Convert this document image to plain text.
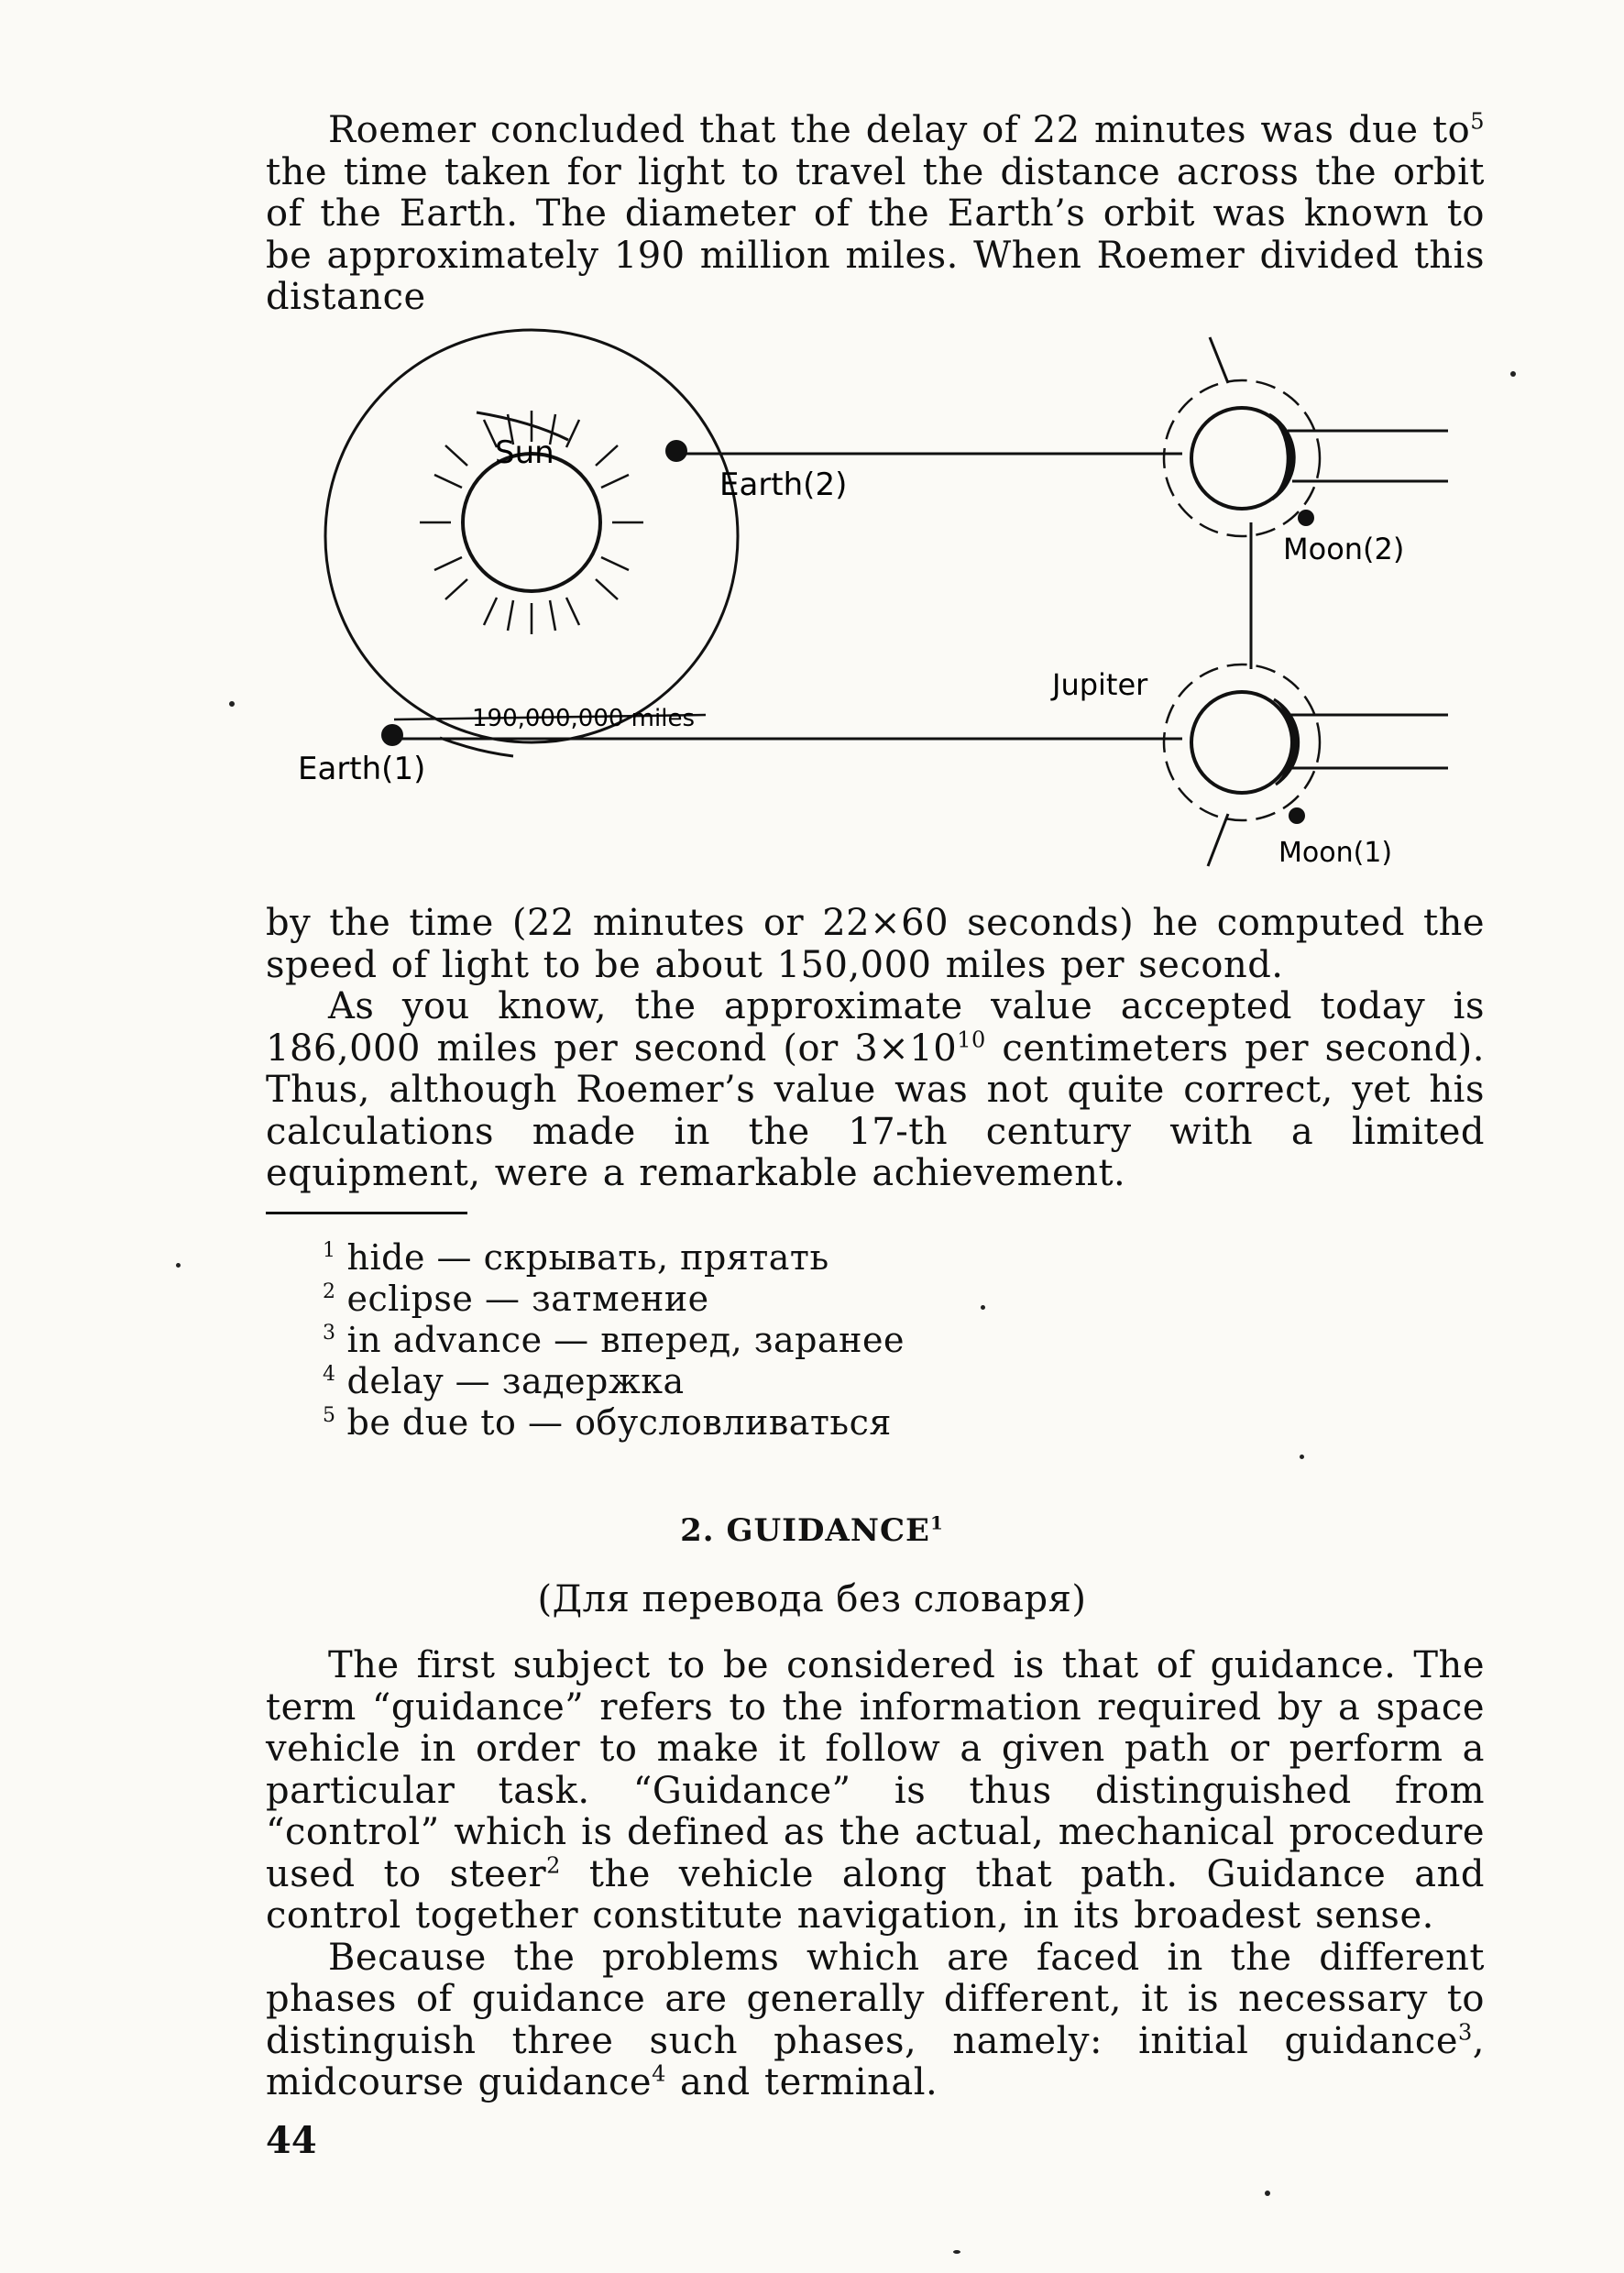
Roemer concluded that the delay of 22 minutes was due $to^5$ the time taken for light to travel the distance across the orbit of the Earth. The diameter of the Earth’s orbit was known to be approximately 190 million miles. When Roemer divided this distance

Sun
Earth(2)
Earth(1)
190,000,000 miles
Jupiter
Moon(2)
Moon(1)

by the time (22 minutes or 22×60 seconds) he computed the speed of light to be about 150,000 miles per second.

As you know, the approximate value accepted today is 186,000 miles per second (or $3\times 10^{10}$ centimeters per second). Thus, although Roemer’s value was not quite correct, yet his calculations made in the 17-th century with a limited equipment, were a remarkable achievement.

$^1$ hide — скрывать, прятать
$^2$ eclipse — затмение
$^3$ in advance — вперед, заранее
$^4$ delay — задержка
$^5$ be due to — обусловливаться
2. GUIDANCE$^1$
(Для перевода без словаря)

The first subject to be considered is that of guidance. The term “guidance” refers to the information required by a space vehicle in order to make it follow a given path or perform a particular task. “Guidance” is thus distinguished from “control” which is defined as the actual, mechanical procedure used to steer$^2$ the vehicle along that path. Guidance and control together constitute navigation, in its broadest sense.

Because the problems which are faced in the different phases of guidance are generally different, it is necessary to distinguish three such phases, namely: initial guidance$^3$, midcourse guidance$^4$ and terminal.

44
